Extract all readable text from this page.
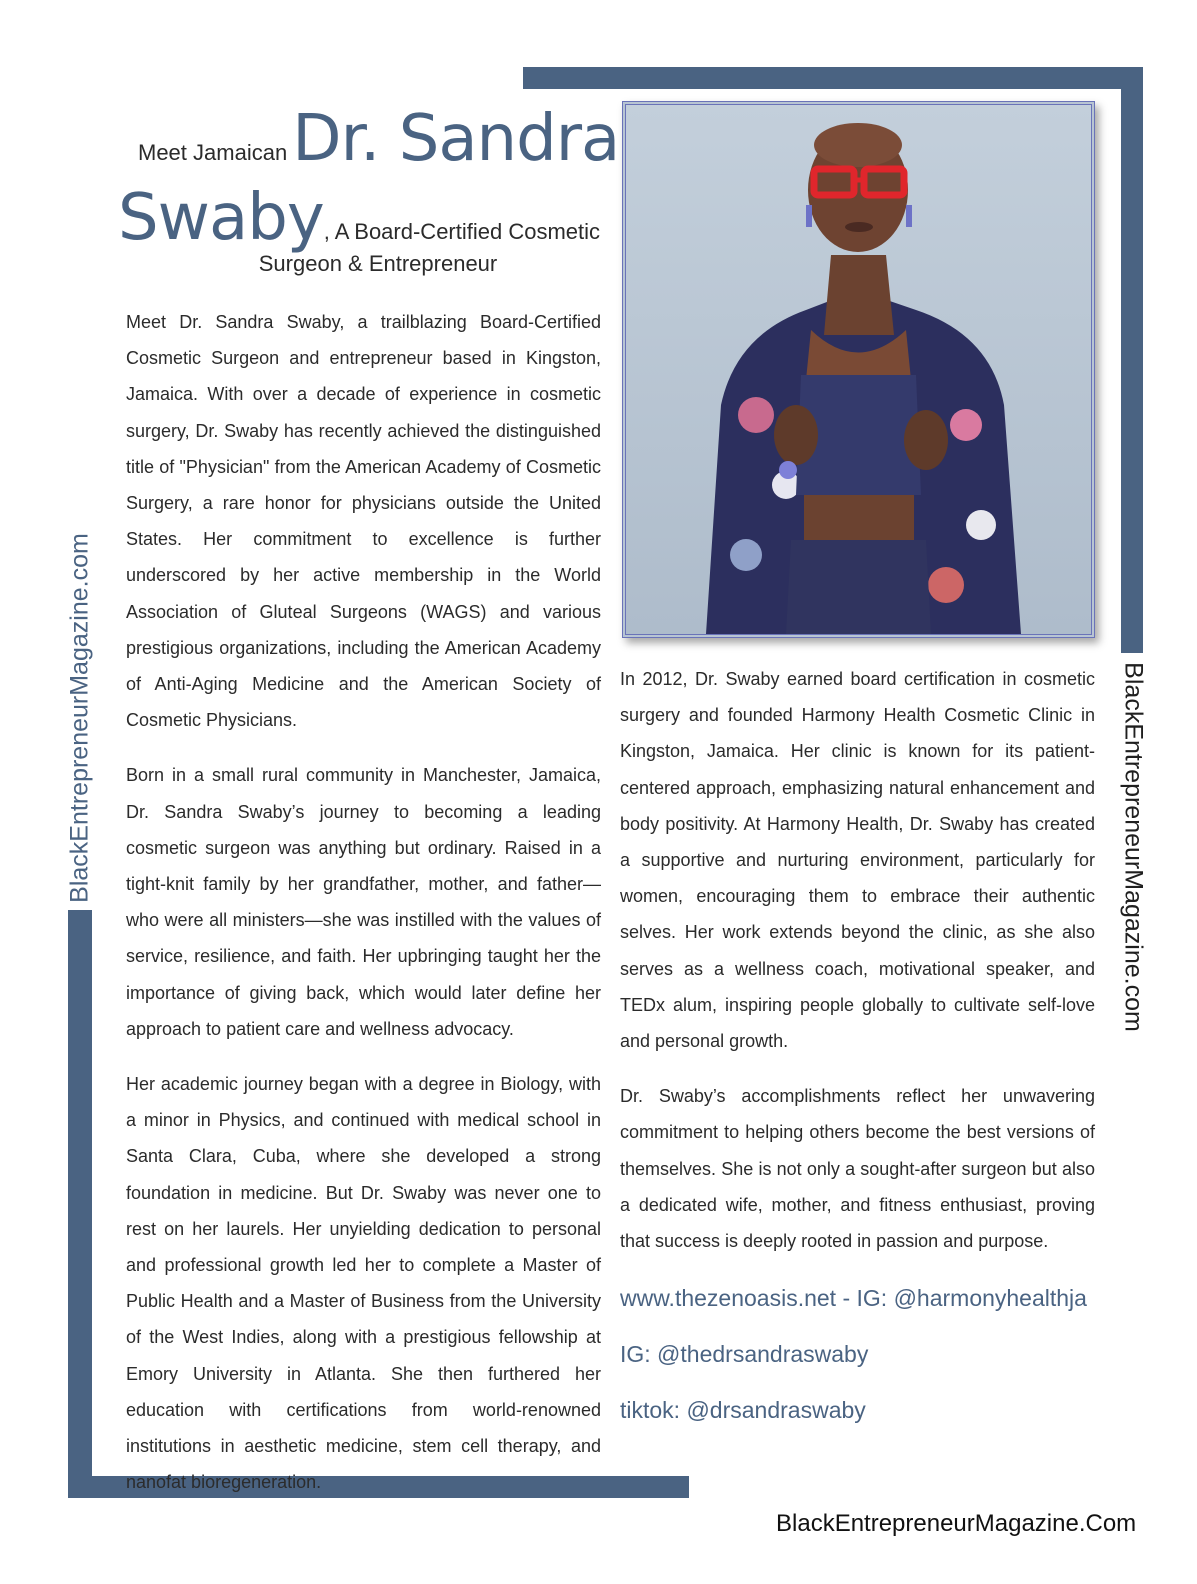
BlackEntrepreneurMagazine.com	BlackEntrepreneurMagazine.com
Meet Jamaican Dr. Sandra
Swaby, A Board-Certified Cosmetic
Surgeon & Entrepreneur

Meet Dr. Sandra Swaby, a trailblazing Board-Certified Cosmetic Surgeon and entrepreneur based in Kingston, Jamaica. With over a decade of experience in cosmetic surgery, Dr. Swaby has recently achieved the distinguished title of "Physician" from the American Academy of Cosmetic Surgery, a rare honor for physicians outside the United States. Her commitment to excellence is further underscored by her active membership in the World Association of Gluteal Surgeons (WAGS) and various prestigious organizations, including the American Academy of Anti-Aging Medicine and the American Society of Cosmetic Physicians.

Born in a small rural community in Manchester, Jamaica, Dr. Sandra Swaby’s journey to becoming a leading cosmetic surgeon was anything but ordinary. Raised in a tight-knit family by her grandfather, mother, and father—who were all ministers—she was instilled with the values of service, resilience, and faith. Her upbringing taught her the importance of giving back, which would later define her approach to patient care and wellness advocacy.

Her academic journey began with a degree in Biology, with a minor in Physics, and continued with medical school in Santa Clara, Cuba, where she developed a strong foundation in medicine. But Dr. Swaby was never one to rest on her laurels. Her unyielding dedication to personal and professional growth led her to complete a Master of Public Health and a Master of Business from the University of the West Indies, along with a prestigious fellowship at Emory University in Atlanta. She then furthered her education with certifications from world-renowned institutions in aesthetic medicine, stem cell therapy, and nanofat bioregeneration.

In 2012, Dr. Swaby earned board certification in cosmetic surgery and founded Harmony Health Cosmetic Clinic in Kingston, Jamaica. Her clinic is known for its patient-centered approach, emphasizing natural enhancement and body positivity. At Harmony Health, Dr. Swaby has created a supportive and nurturing environment, particularly for women, encouraging them to embrace their authentic selves. Her work extends beyond the clinic, as she also serves as a wellness coach, motivational speaker, and TEDx alum, inspiring people globally to cultivate self-love and personal growth.

Dr. Swaby’s accomplishments reflect her unwavering commitment to helping others become the best versions of themselves. She is not only a sought-after surgeon but also a dedicated wife, mother, and fitness enthusiast, proving that success is deeply rooted in passion and purpose.

www.thezenoasis.net - IG: @harmonyhealthja
IG: @thedrsandraswaby
tiktok: @drsandraswaby
BlackEntrepreneurMagazine.Com
